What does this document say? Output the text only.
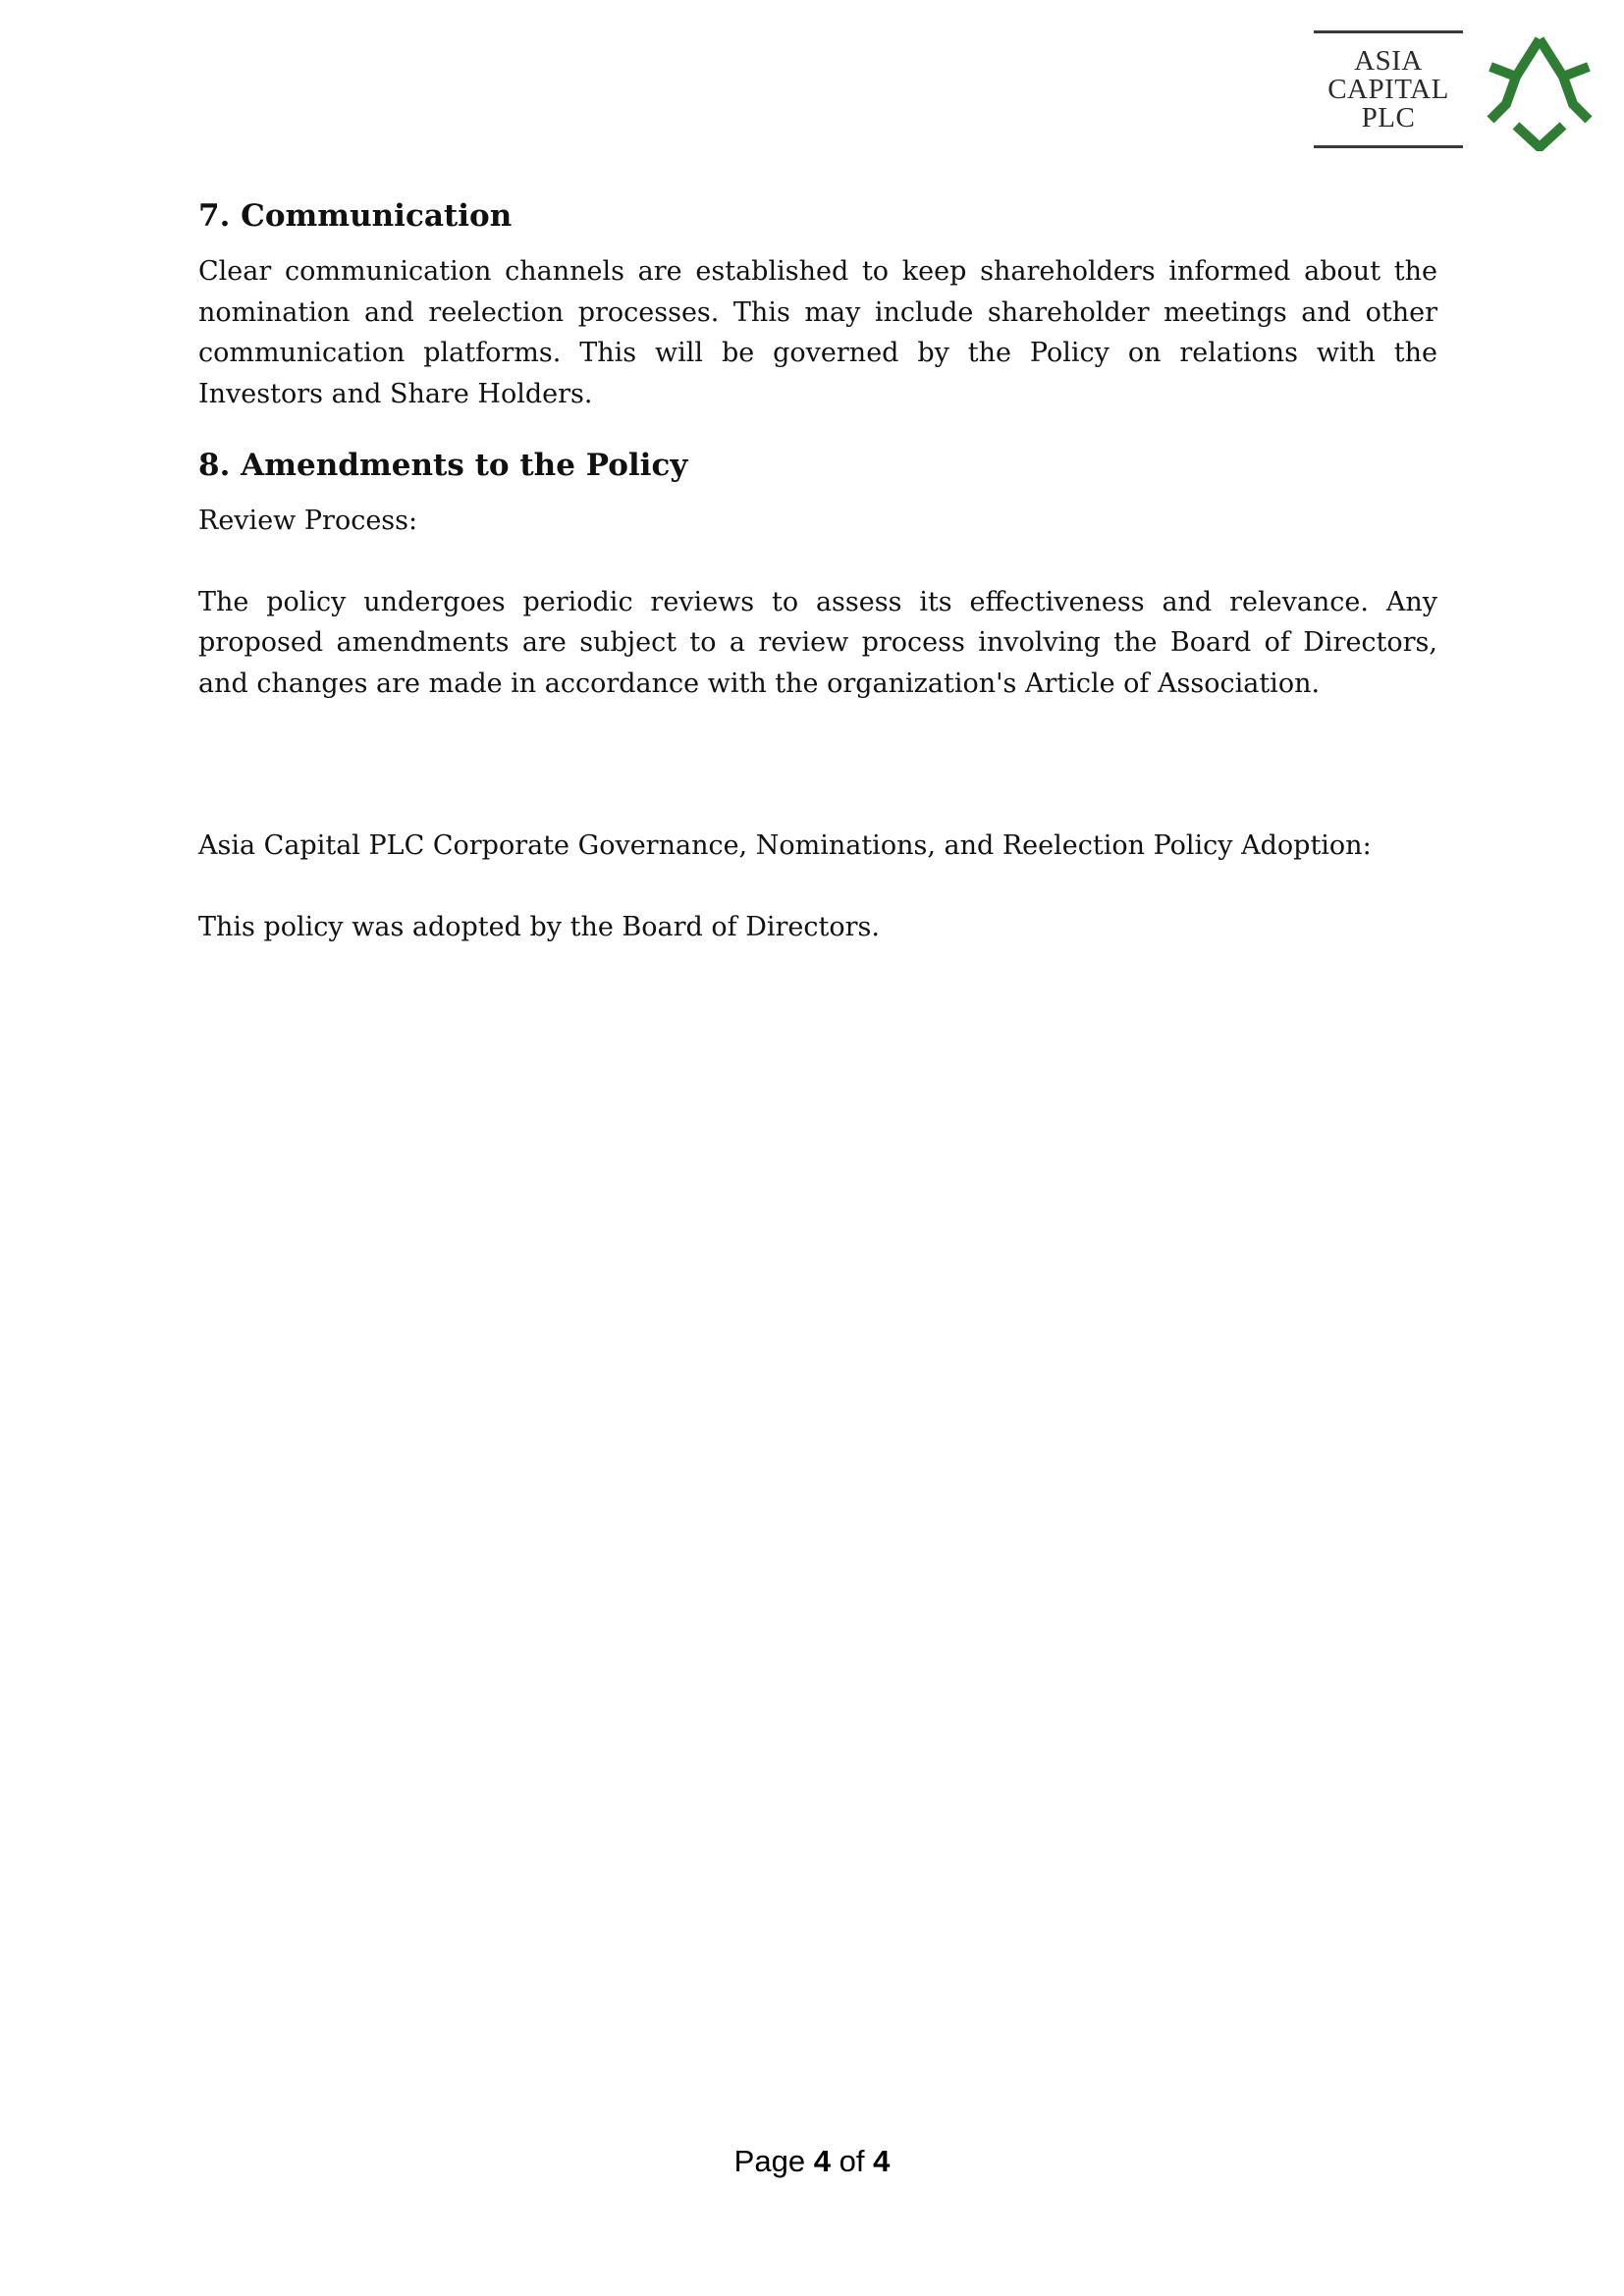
ASIA
CAPITAL
PLC
7. Communication

Clear communication channels are established to keep shareholders informed about the nomination and reelection processes. This may include shareholder meetings and other communication platforms. This will be governed by the Policy on relations with the Investors and Share Holders.

8. Amendments to the Policy

Review Process:

The policy undergoes periodic reviews to assess its effectiveness and relevance. Any proposed amendments are subject to a review process involving the Board of Directors, and changes are made in accordance with the organization's Article of Association.

Asia Capital PLC Corporate Governance, Nominations, and Reelection Policy Adoption:

This policy was adopted by the Board of Directors.

Page 4 of 4
